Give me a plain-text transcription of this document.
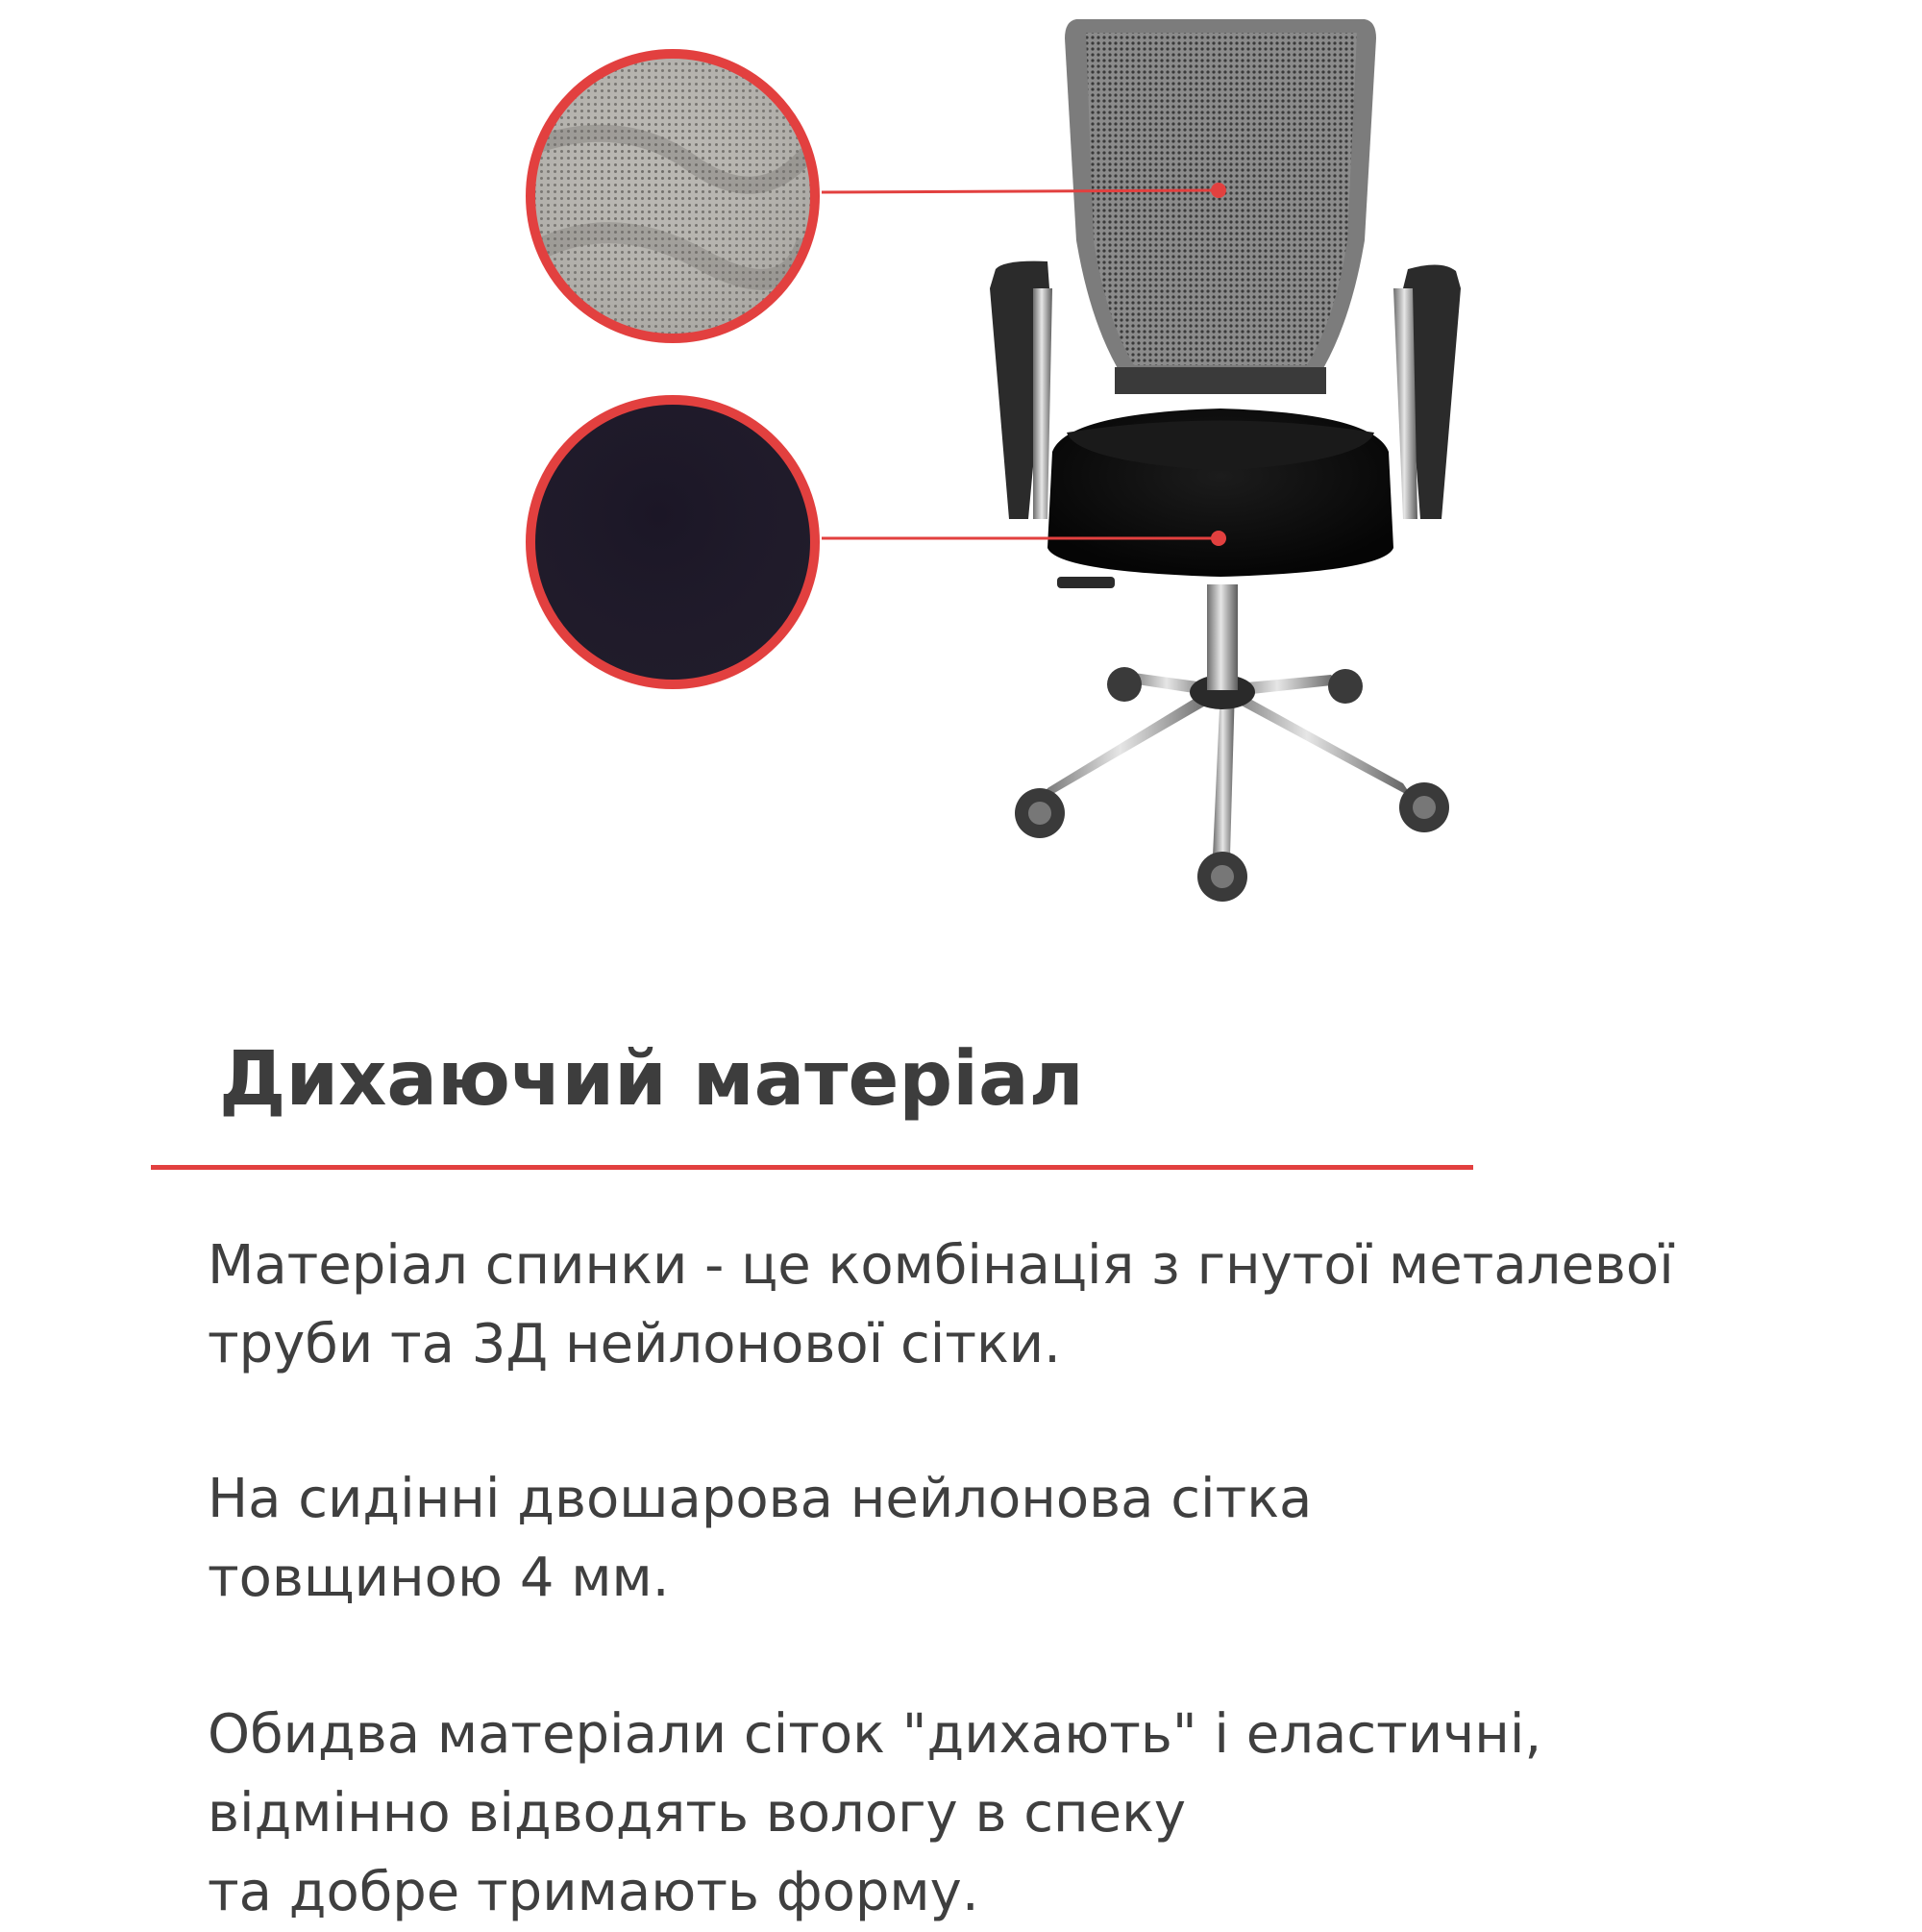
Дихаючий матеріал

Матеріал спинки - це комбінація з гнутої металевої
труби та 3Д нейлонової сітки.

На сидінні двошарова нейлонова сітка
товщиною 4 мм.

Обидва матеріали сіток "дихають" і еластичні,
відмінно відводять вологу в спеку
та добре тримають форму.
